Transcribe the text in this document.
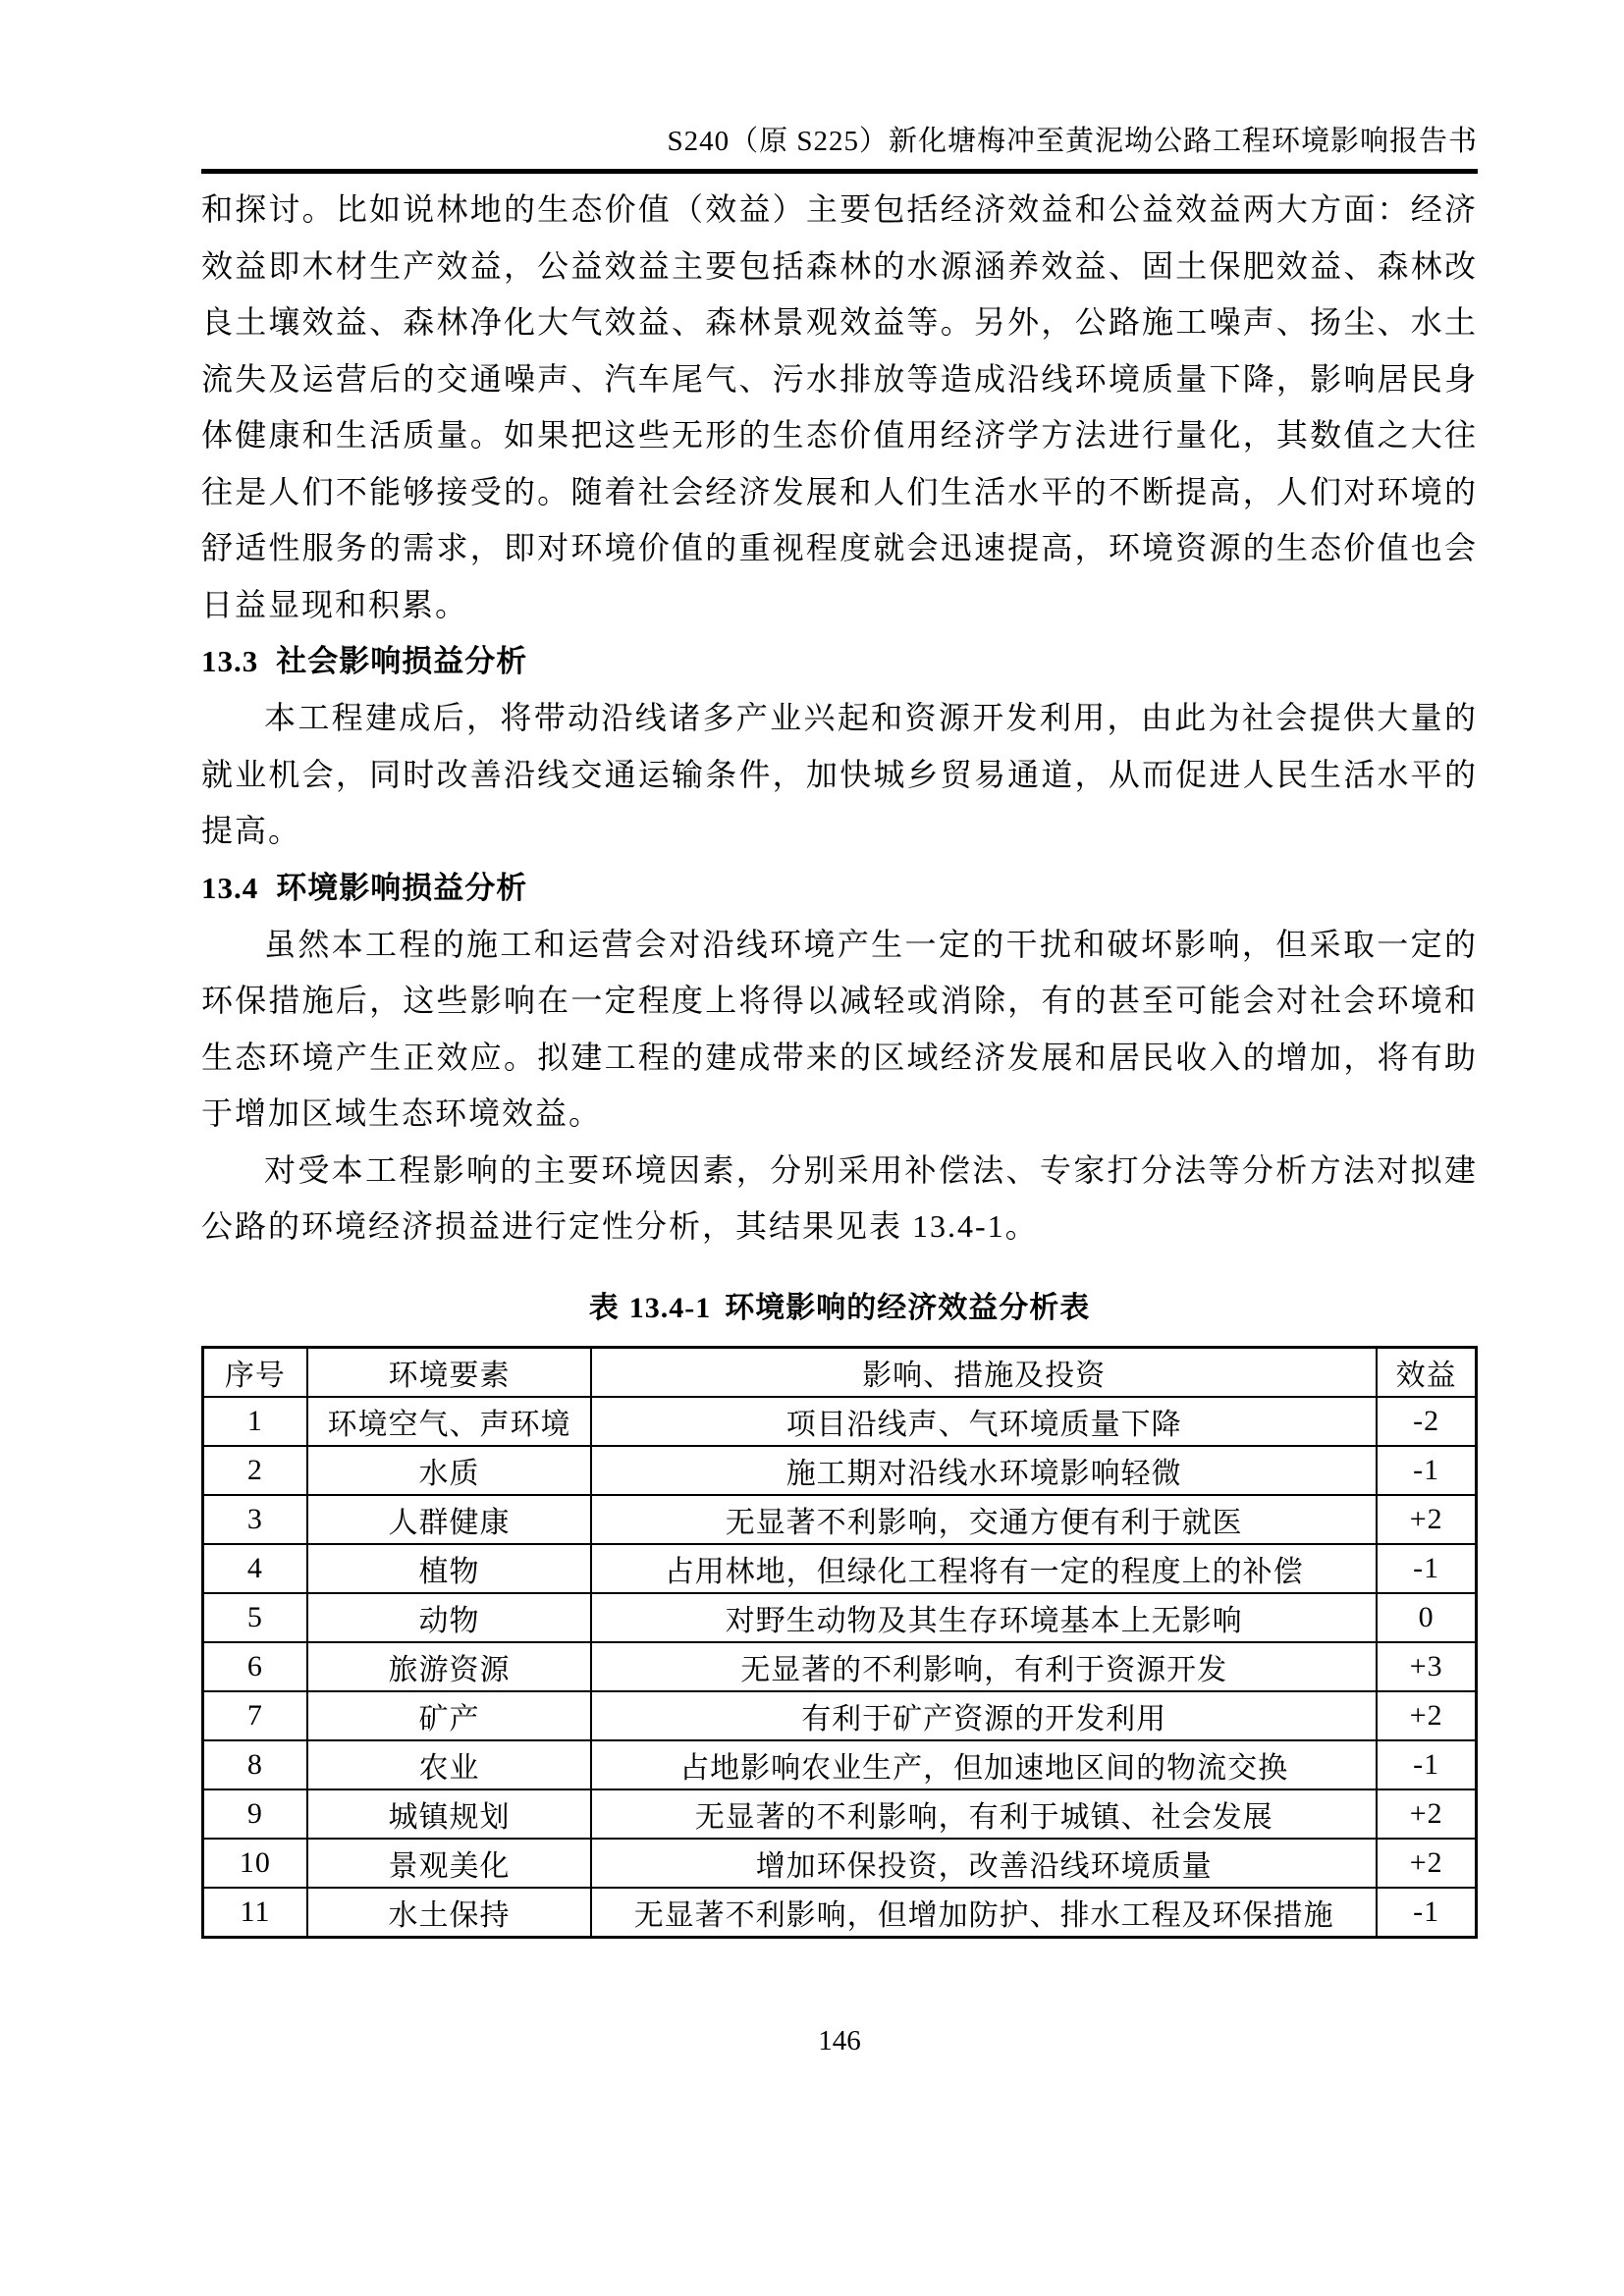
S240（原 S225）新化塘梅冲至黄泥坳公路工程环境影响报告书

和探讨。比如说林地的生态价值（效益）主要包括经济效益和公益效益两大方面：经济效益即木材生产效益，公益效益主要包括森林的水源涵养效益、固土保肥效益、森林改良土壤效益、森林净化大气效益、森林景观效益等。另外，公路施工噪声、扬尘、水土流失及运营后的交通噪声、汽车尾气、污水排放等造成沿线环境质量下降，影响居民身体健康和生活质量。如果把这些无形的生态价值用经济学方法进行量化，其数值之大往往是人们不能够接受的。随着社会经济发展和人们生活水平的不断提高，人们对环境的舒适性服务的需求，即对环境价值的重视程度就会迅速提高，环境资源的生态价值也会日益显现和积累。

13.3 社会影响损益分析

本工程建成后，将带动沿线诸多产业兴起和资源开发利用，由此为社会提供大量的就业机会，同时改善沿线交通运输条件，加快城乡贸易通道，从而促进人民生活水平的提高。

13.4 环境影响损益分析

虽然本工程的施工和运营会对沿线环境产生一定的干扰和破坏影响，但采取一定的环保措施后，这些影响在一定程度上将得以减轻或消除，有的甚至可能会对社会环境和生态环境产生正效应。拟建工程的建成带来的区域经济发展和居民收入的增加，将有助于增加区域生态环境效益。

对受本工程影响的主要环境因素，分别采用补偿法、专家打分法等分析方法对拟建公路的环境经济损益进行定性分析，其结果见表 13.4-1。

表 13.4-1 环境影响的经济效益分析表
序号	环境要素	影响、措施及投资	效益
1	环境空气、声环境	项目沿线声、气环境质量下降	-2
2	水质	施工期对沿线水环境影响轻微	-1
3	人群健康	无显著不利影响，交通方便有利于就医	+2
4	植物	占用林地，但绿化工程将有一定的程度上的补偿	-1
5	动物	对野生动物及其生存环境基本上无影响	0
6	旅游资源	无显著的不利影响，有利于资源开发	+3
7	矿产	有利于矿产资源的开发利用	+2
8	农业	占地影响农业生产，但加速地区间的物流交换	-1
9	城镇规划	无显著的不利影响，有利于城镇、社会发展	+2
10	景观美化	增加环保投资，改善沿线环境质量	+2
11	水土保持	无显著不利影响，但增加防护、排水工程及环保措施	-1
146
